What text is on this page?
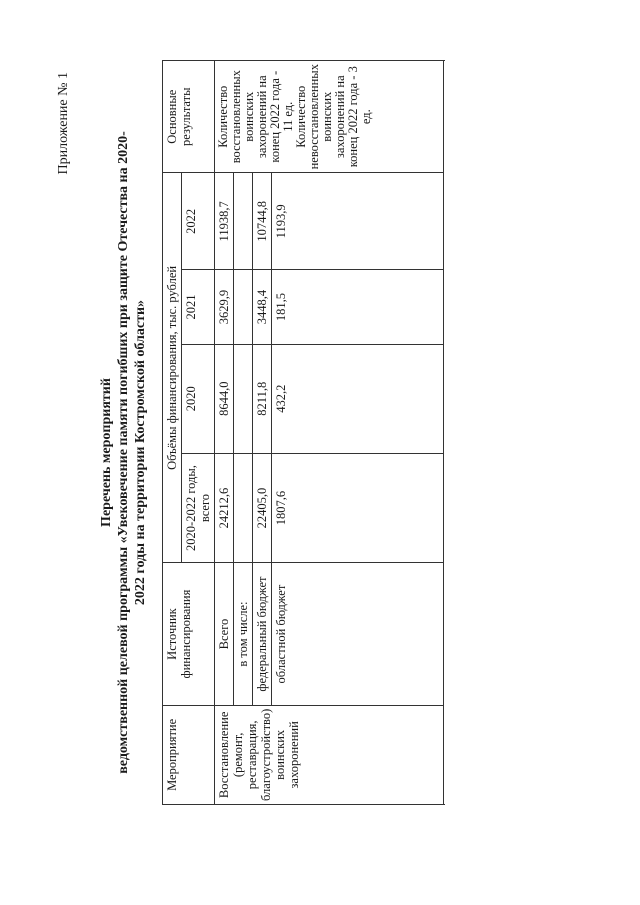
Приложение № 1
Перечень мероприятий ведомственной целевой программы «Увековечение памяти погибших при защите Отечества на 2020- 2022 годы на территории Костромской области»
Мероприятие	Источник финансирования	Объёмы финансирования, тыс. рублей				Основные результаты
		2020-2022 годы, всего	2020	2021	2022	
Восстановление (ремонт, реставрация, благоустройство) воинских захоронений	Всего	24212,6	8644,0	3629,9	11938,7	Количество восстановленных воинских захоронений на конец 2022 года - 11 ед. Количество невосстановленных воинских захоронений на конец 2022 года - 3 ед.

	в том числе:					
	федеральный бюджет	22405,0	8211,8	3448,4	10744,8	
	областной бюджет	1807,6	432,2	181,5	1193,9	
